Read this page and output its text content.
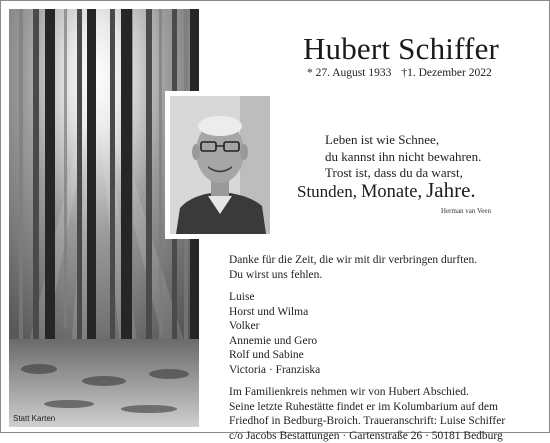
Statt Karten
Hubert Schiffer
* 27. August 1933 †1. Dezember 2022
Leben ist wie Schnee,
du kannst ihn nicht bewahren.
Trost ist, dass du da warst,
Stunden, Monate, Jahre.
Herman van Veen
Danke für die Zeit, die wir mit dir verbringen durften.
Du wirst uns fehlen.
Luise
Horst und Wilma
Volker
Annemie und Gero
Rolf und Sabine
Victoria · Franziska
Im Familienkreis nehmen wir von Hubert Abschied.
Seine letzte Ruhestätte findet er im Kolumbarium auf dem
Friedhof in Bedburg-Broich. Traueranschrift: Luise Schiffer
c/o Jacobs Bestattungen · Gartenstraße 26 · 50181 Bedburg
